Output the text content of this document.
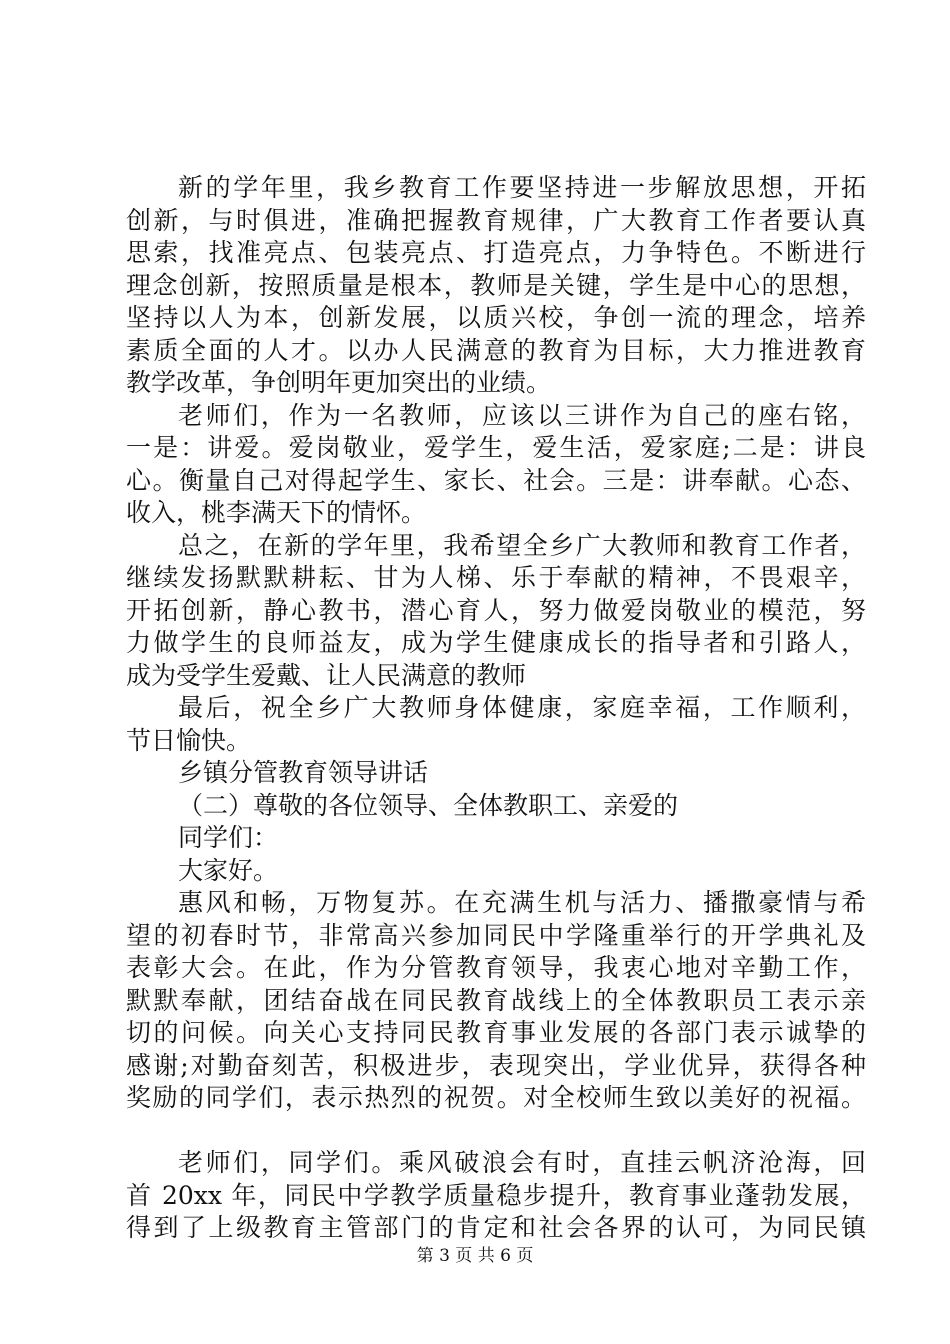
新的学年里，我乡教育工作要坚持进一步解放思想，开拓
创新，与时俱进，准确把握教育规律，广大教育工作者要认真
思索，找准亮点、包装亮点、打造亮点，力争特色。不断进行
理念创新，按照质量是根本，教师是关键，学生是中心的思想，
坚持以人为本，创新发展，以质兴校，争创一流的理念，培养
素质全面的人才。以办人民满意的教育为目标，大力推进教育
教学改革，争创明年更加突出的业绩。
老师们，作为一名教师，应该以三讲作为自己的座右铭，
一是：讲爱。爱岗敬业，爱学生，爱生活，爱家庭;二是：讲良
心。衡量自己对得起学生、家长、社会。三是：讲奉献。心态、
收入，桃李满天下的情怀。
总之，在新的学年里，我希望全乡广大教师和教育工作者，
继续发扬默默耕耘、甘为人梯、乐于奉献的精神，不畏艰辛，
开拓创新，静心教书，潜心育人，努力做爱岗敬业的模范，努
力做学生的良师益友，成为学生健康成长的指导者和引路人，
成为受学生爱戴、让人民满意的教师
最后，祝全乡广大教师身体健康，家庭幸福，工作顺利，
节日愉快。
乡镇分管教育领导讲话
（二）尊敬的各位领导、全体教职工、亲爱的
同学们：
大家好。
惠风和畅，万物复苏。在充满生机与活力、播撒豪情与希
望的初春时节，非常高兴参加同民中学隆重举行的开学典礼及
表彰大会。在此，作为分管教育领导，我衷心地对辛勤工作，
默默奉献，团结奋战在同民教育战线上的全体教职员工表示亲
切的问候。向关心支持同民教育事业发展的各部门表示诚挚的
感谢;对勤奋刻苦，积极进步，表现突出，学业优异，获得各种
奖励的同学们，表示热烈的祝贺。对全校师生致以美好的祝福。
老师们，同学们。乘风破浪会有时，直挂云帆济沧海，回
首 20xx 年，同民中学教学质量稳步提升，教育事业蓬勃发展，
得到了上级教育主管部门的肯定和社会各界的认可，为同民镇
第 3 页 共 6 页
